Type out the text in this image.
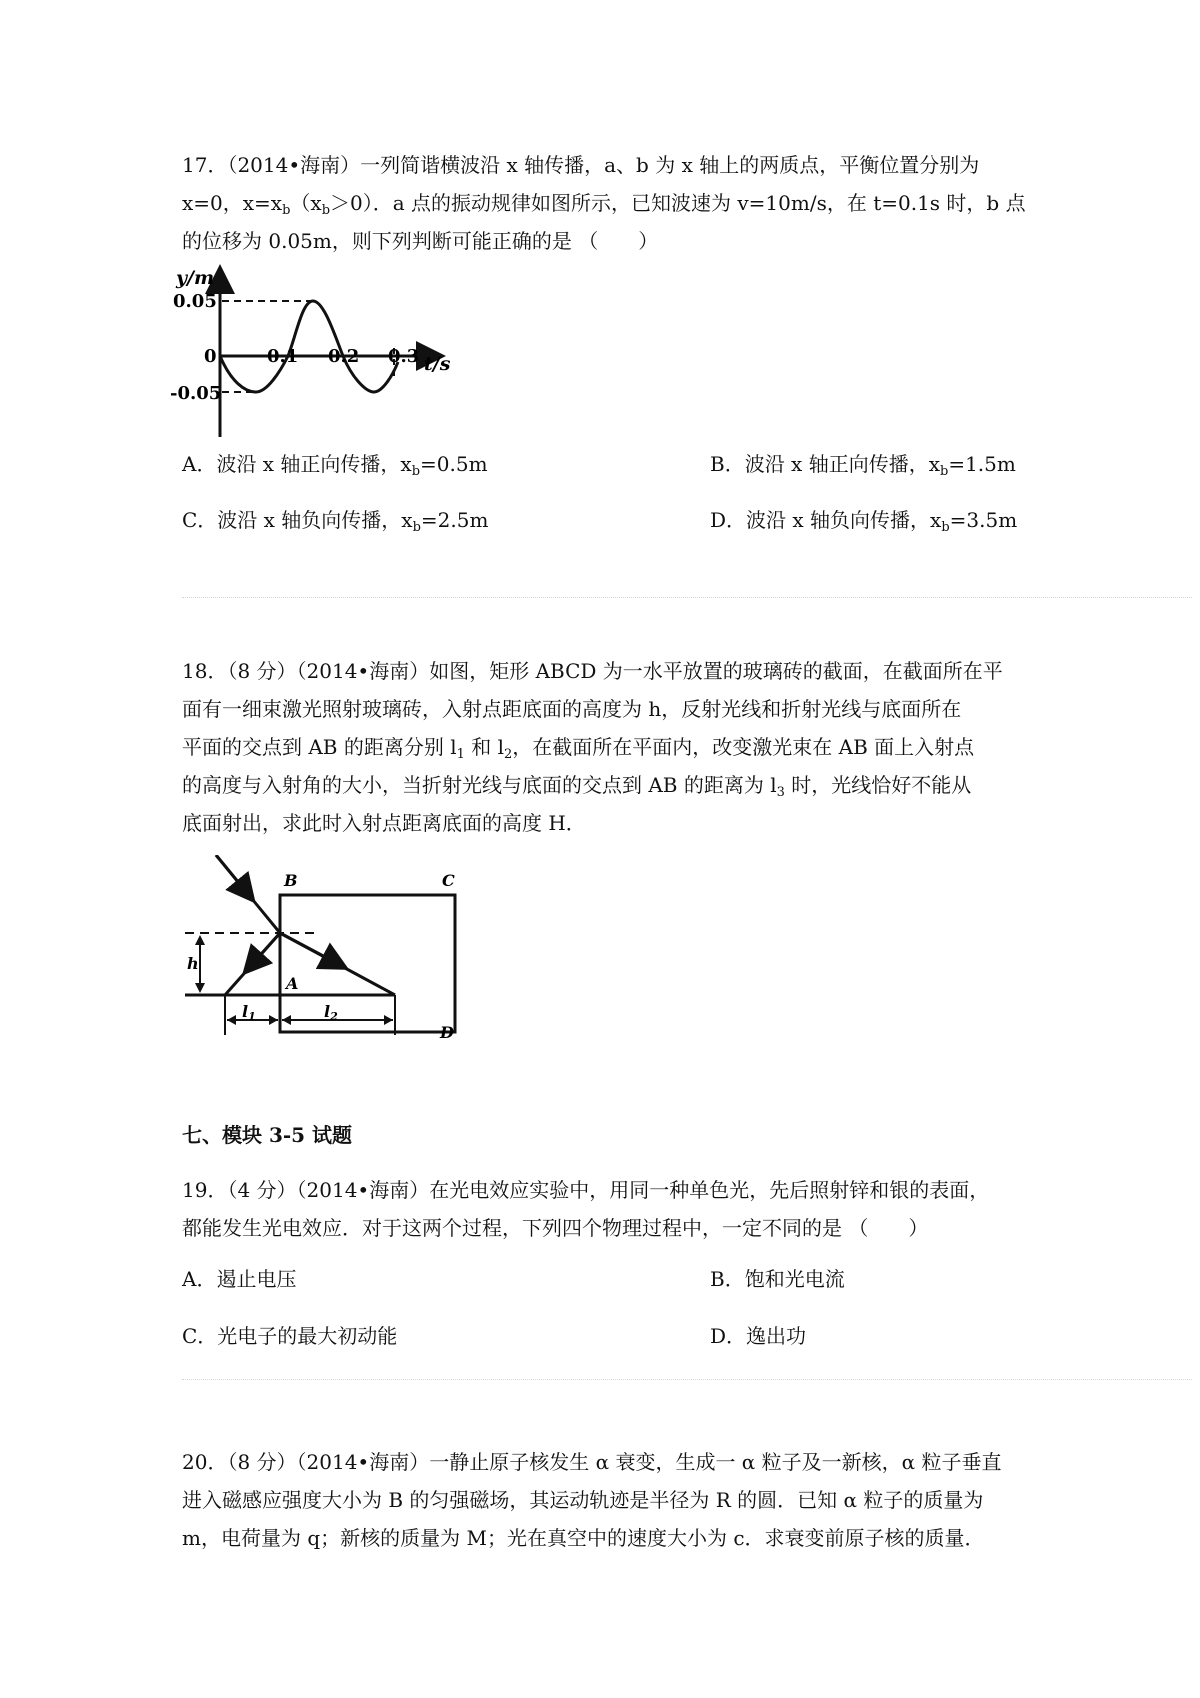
17．（2014•海南）一列简谐横波沿 x 轴传播，a、b 为 x 轴上的两质点，平衡位置分别为
x=0，$x=x_b(x_b>0)$．a 点的振动规律如图所示，已知波速为 v=10m/s，在 t=0.1s 时，b 点
的位移为 0.05m，则下列判断可能正确的是 （　　）
y/m
t/s
0.05
-0.05
0	0.1 0.2 0.3
A．波沿 x 轴正向传播，$x_b=0.5m$	B．波沿 x 轴正向传播，$x_b=1.5m$
C．波沿 x 轴负向传播，$x_b=2.5m$	D．波沿 x 轴负向传播，$x_b=3.5m$
18．（8 分）（2014•海南）如图，矩形 ABCD 为一水平放置的玻璃砖的截面，在截面所在平
面有一细束激光照射玻璃砖，入射点距底面的高度为 h，反射光线和折射光线与底面所在
平面的交点到 AB 的距离分别 $l_1$ 和 $l_2$，在截面所在平面内，改变激光束在 AB 面上入射点
的高度与入射角的大小，当折射光线与底面的交点到 AB 的距离为 $l_3$ 时，光线恰好不能从
底面射出，求此时入射点距离底面的高度 H．
B	C
A
D
h
l1	l2
七、模块 3-5 试题
19．（4 分）（2014•海南）在光电效应实验中，用同一种单色光，先后照射锌和银的表面，
都能发生光电效应．对于这两个过程，下列四个物理过程中，一定不同的是 （　　）
A．遏止电压	B．饱和光电流
C．光电子的最大初动能	D．逸出功
20．（8 分）（2014•海南）一静止原子核发生 α 衰变，生成一 α 粒子及一新核，α 粒子垂直
进入磁感应强度大小为 B 的匀强磁场，其运动轨迹是半径为 R 的圆．已知 α 粒子的质量为
m，电荷量为 q；新核的质量为 M；光在真空中的速度大小为 c．求衰变前原子核的质量．
